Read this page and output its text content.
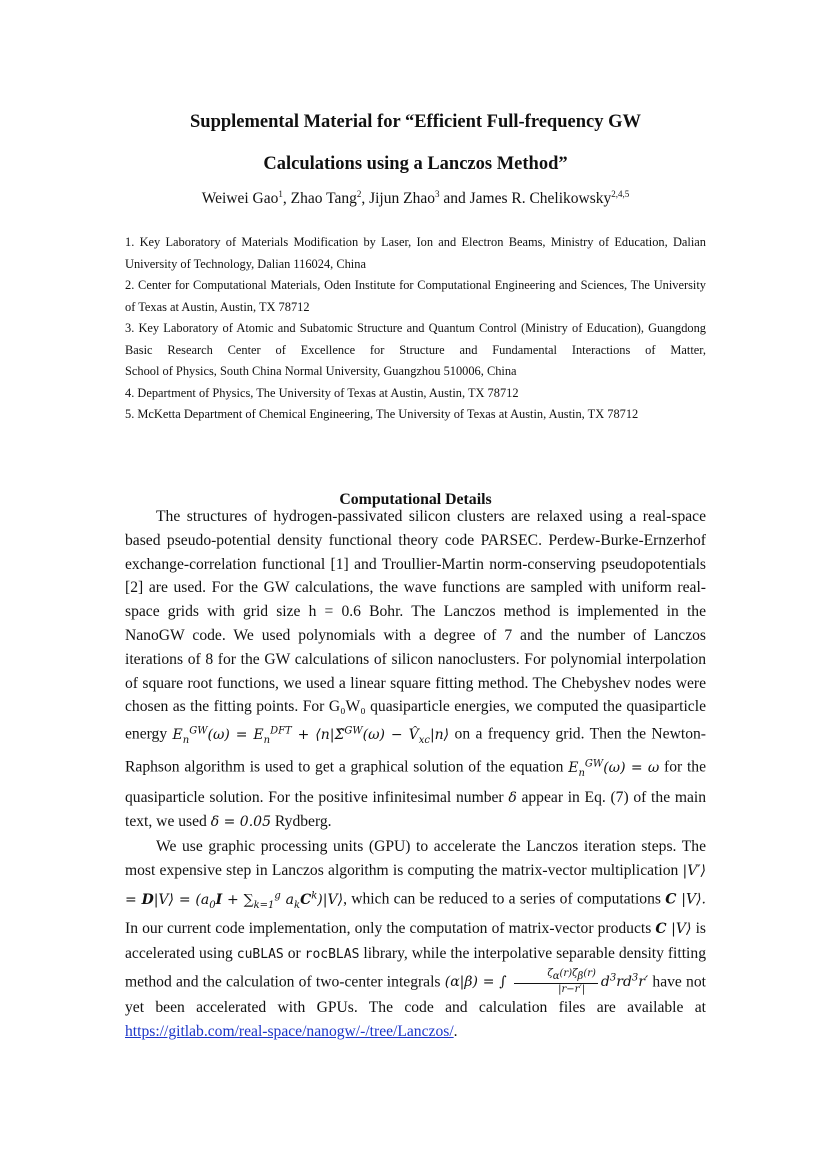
Supplemental Material for “Efficient Full-frequency GW
Calculations using a Lanczos Method”
Weiwei Gao$^1$, Zhao Tang$^2$, Jijun Zhao$^3$ and James R. Chelikowsky$^{2,4,5}$

1. Key Laboratory of Materials Modification by Laser, Ion and Electron Beams, Ministry of Education, Dalian University of Technology, Dalian 116024, China

2. Center for Computational Materials, Oden Institute for Computational Engineering and Sciences, The University of Texas at Austin, Austin, TX 78712

3. Key Laboratory of Atomic and Subatomic Structure and Quantum Control (Ministry of Education), Guangdong Basic Research Center of Excellence for Structure and Fundamental Interactions of Matter,

School of Physics, South China Normal University, Guangzhou 510006, China

4. Department of Physics, The University of Texas at Austin, Austin, TX 78712

5. McKetta Department of Chemical Engineering, The University of Texas at Austin, Austin, TX 78712

Computational Details

The structures of hydrogen-passivated silicon clusters are relaxed using a real-space based pseudo-potential density functional theory code PARSEC. Perdew-Burke-Ernzerhof exchange-correlation functional [1] and Troullier-Martin norm-conserving pseudopotentials [2] are used. For the GW calculations, the wave functions are sampled with uniform real-space grids with grid size h = 0.6 Bohr. The Lanczos method is implemented in the NanoGW code. We used polynomials with a degree of 7 and the number of Lanczos iterations of 8 for the GW calculations of silicon nanoclusters. For polynomial interpolation of square root functions, we used a linear square fitting method. The Chebyshev nodes were chosen as the fitting points. For G₀W₀ quasiparticle energies, we computed the quasiparticle energy $E_n^{GW}(\omega) = E_n^{DFT}$ + ⟨n|Σ̂$^{GW}$(ω) − $V̂_{xc}|n⟩$ on a frequency grid. Then the Newton-Raphson algorithm is used to get a graphical solution of the equation $E_n^{GW}(\omega) = \omega$ for the quasiparticle solution. For the positive infinitesimal number δ appear in Eq. (7) of the main text, we used δ = 0.05 Rydberg.

We use graphic processing units (GPU) to accelerate the Lanczos iteration steps. The most expensive step in Lanczos algorithm is computing the matrix-vector multiplication |V′⟩ = D|V⟩ = ($a_0I + \sum_{k=1}^g$ $a_kC^k)|V⟩$, which can be reduced to a series of computations C |V⟩. In our current code implementation, only the computation of matrix-vector products C |V⟩ is accelerated using cuBLAS or rocBLAS library, while the interpolative separable density fitting method and the calculation of two-center integrals (α|β) = ∫ $\frac{\zeta_\alpha(r)\zeta_\beta(r)}{|r-r'|} d^3rd^3r'$ have not yet been accelerated with GPUs. The code and calculation files are available at https://gitlab.com/real-space/nanogw/-/tree/Lanczos/.
